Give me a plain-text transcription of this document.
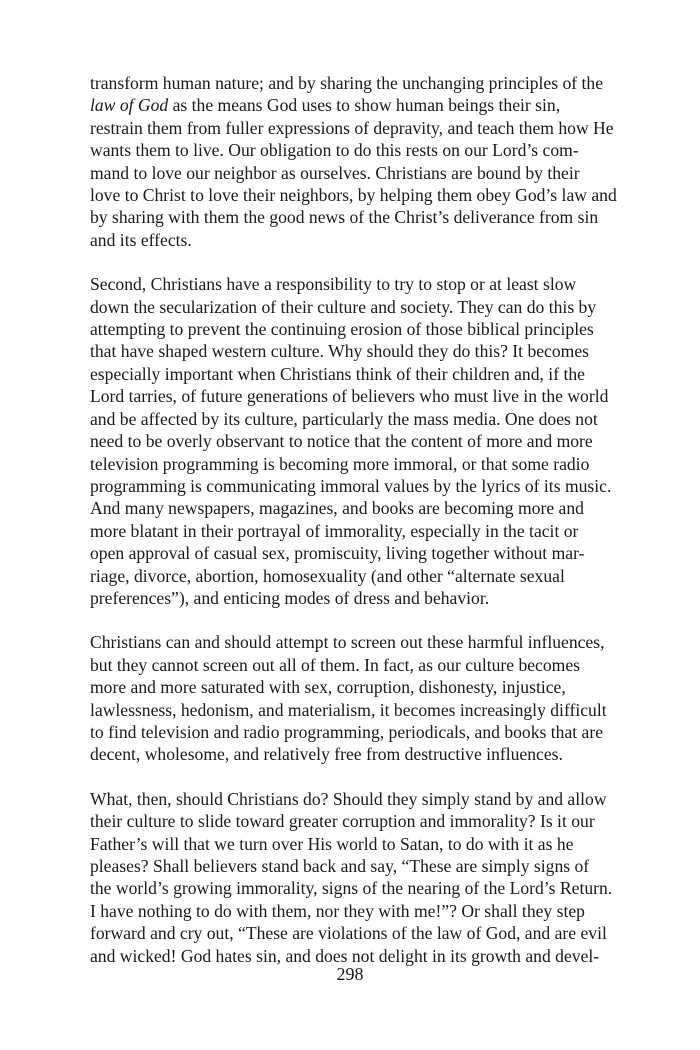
transform human nature; and by sharing the unchanging principles of the
law of God as the means God uses to show human beings their sin,
restrain them from fuller expressions of depravity, and teach them how He
wants them to live. Our obligation to do this rests on our Lord’s com-
mand to love our neighbor as ourselves. Christians are bound by their
love to Christ to love their neighbors, by helping them obey God’s law and
by sharing with them the good news of the Christ’s deliverance from sin
and its effects.

Second, Christians have a responsibility to try to stop or at least slow
down the secularization of their culture and society. They can do this by
attempting to prevent the continuing erosion of those biblical principles
that have shaped western culture. Why should they do this? It becomes
especially important when Christians think of their children and, if the
Lord tarries, of future generations of believers who must live in the world
and be affected by its culture, particularly the mass media. One does not
need to be overly observant to notice that the content of more and more
television programming is becoming more immoral, or that some radio
programming is communicating immoral values by the lyrics of its music.
And many newspapers, magazines, and books are becoming more and
more blatant in their portrayal of immorality, especially in the tacit or
open approval of casual sex, promiscuity, living together without mar-
riage, divorce, abortion, homosexuality (and other “alternate sexual
preferences”), and enticing modes of dress and behavior.

Christians can and should attempt to screen out these harmful influences,
but they cannot screen out all of them. In fact, as our culture becomes
more and more saturated with sex, corruption, dishonesty, injustice,
lawlessness, hedonism, and materialism, it becomes increasingly difficult
to find television and radio programming, periodicals, and books that are
decent, wholesome, and relatively free from destructive influences.

What, then, should Christians do? Should they simply stand by and allow
their culture to slide toward greater corruption and immorality? Is it our
Father’s will that we turn over His world to Satan, to do with it as he
pleases? Shall believers stand back and say, “These are simply signs of
the world’s growing immorality, signs of the nearing of the Lord’s Return.
I have nothing to do with them, nor they with me!”? Or shall they step
forward and cry out, “These are violations of the law of God, and are evil
and wicked! God hates sin, and does not delight in its growth and devel-

298
